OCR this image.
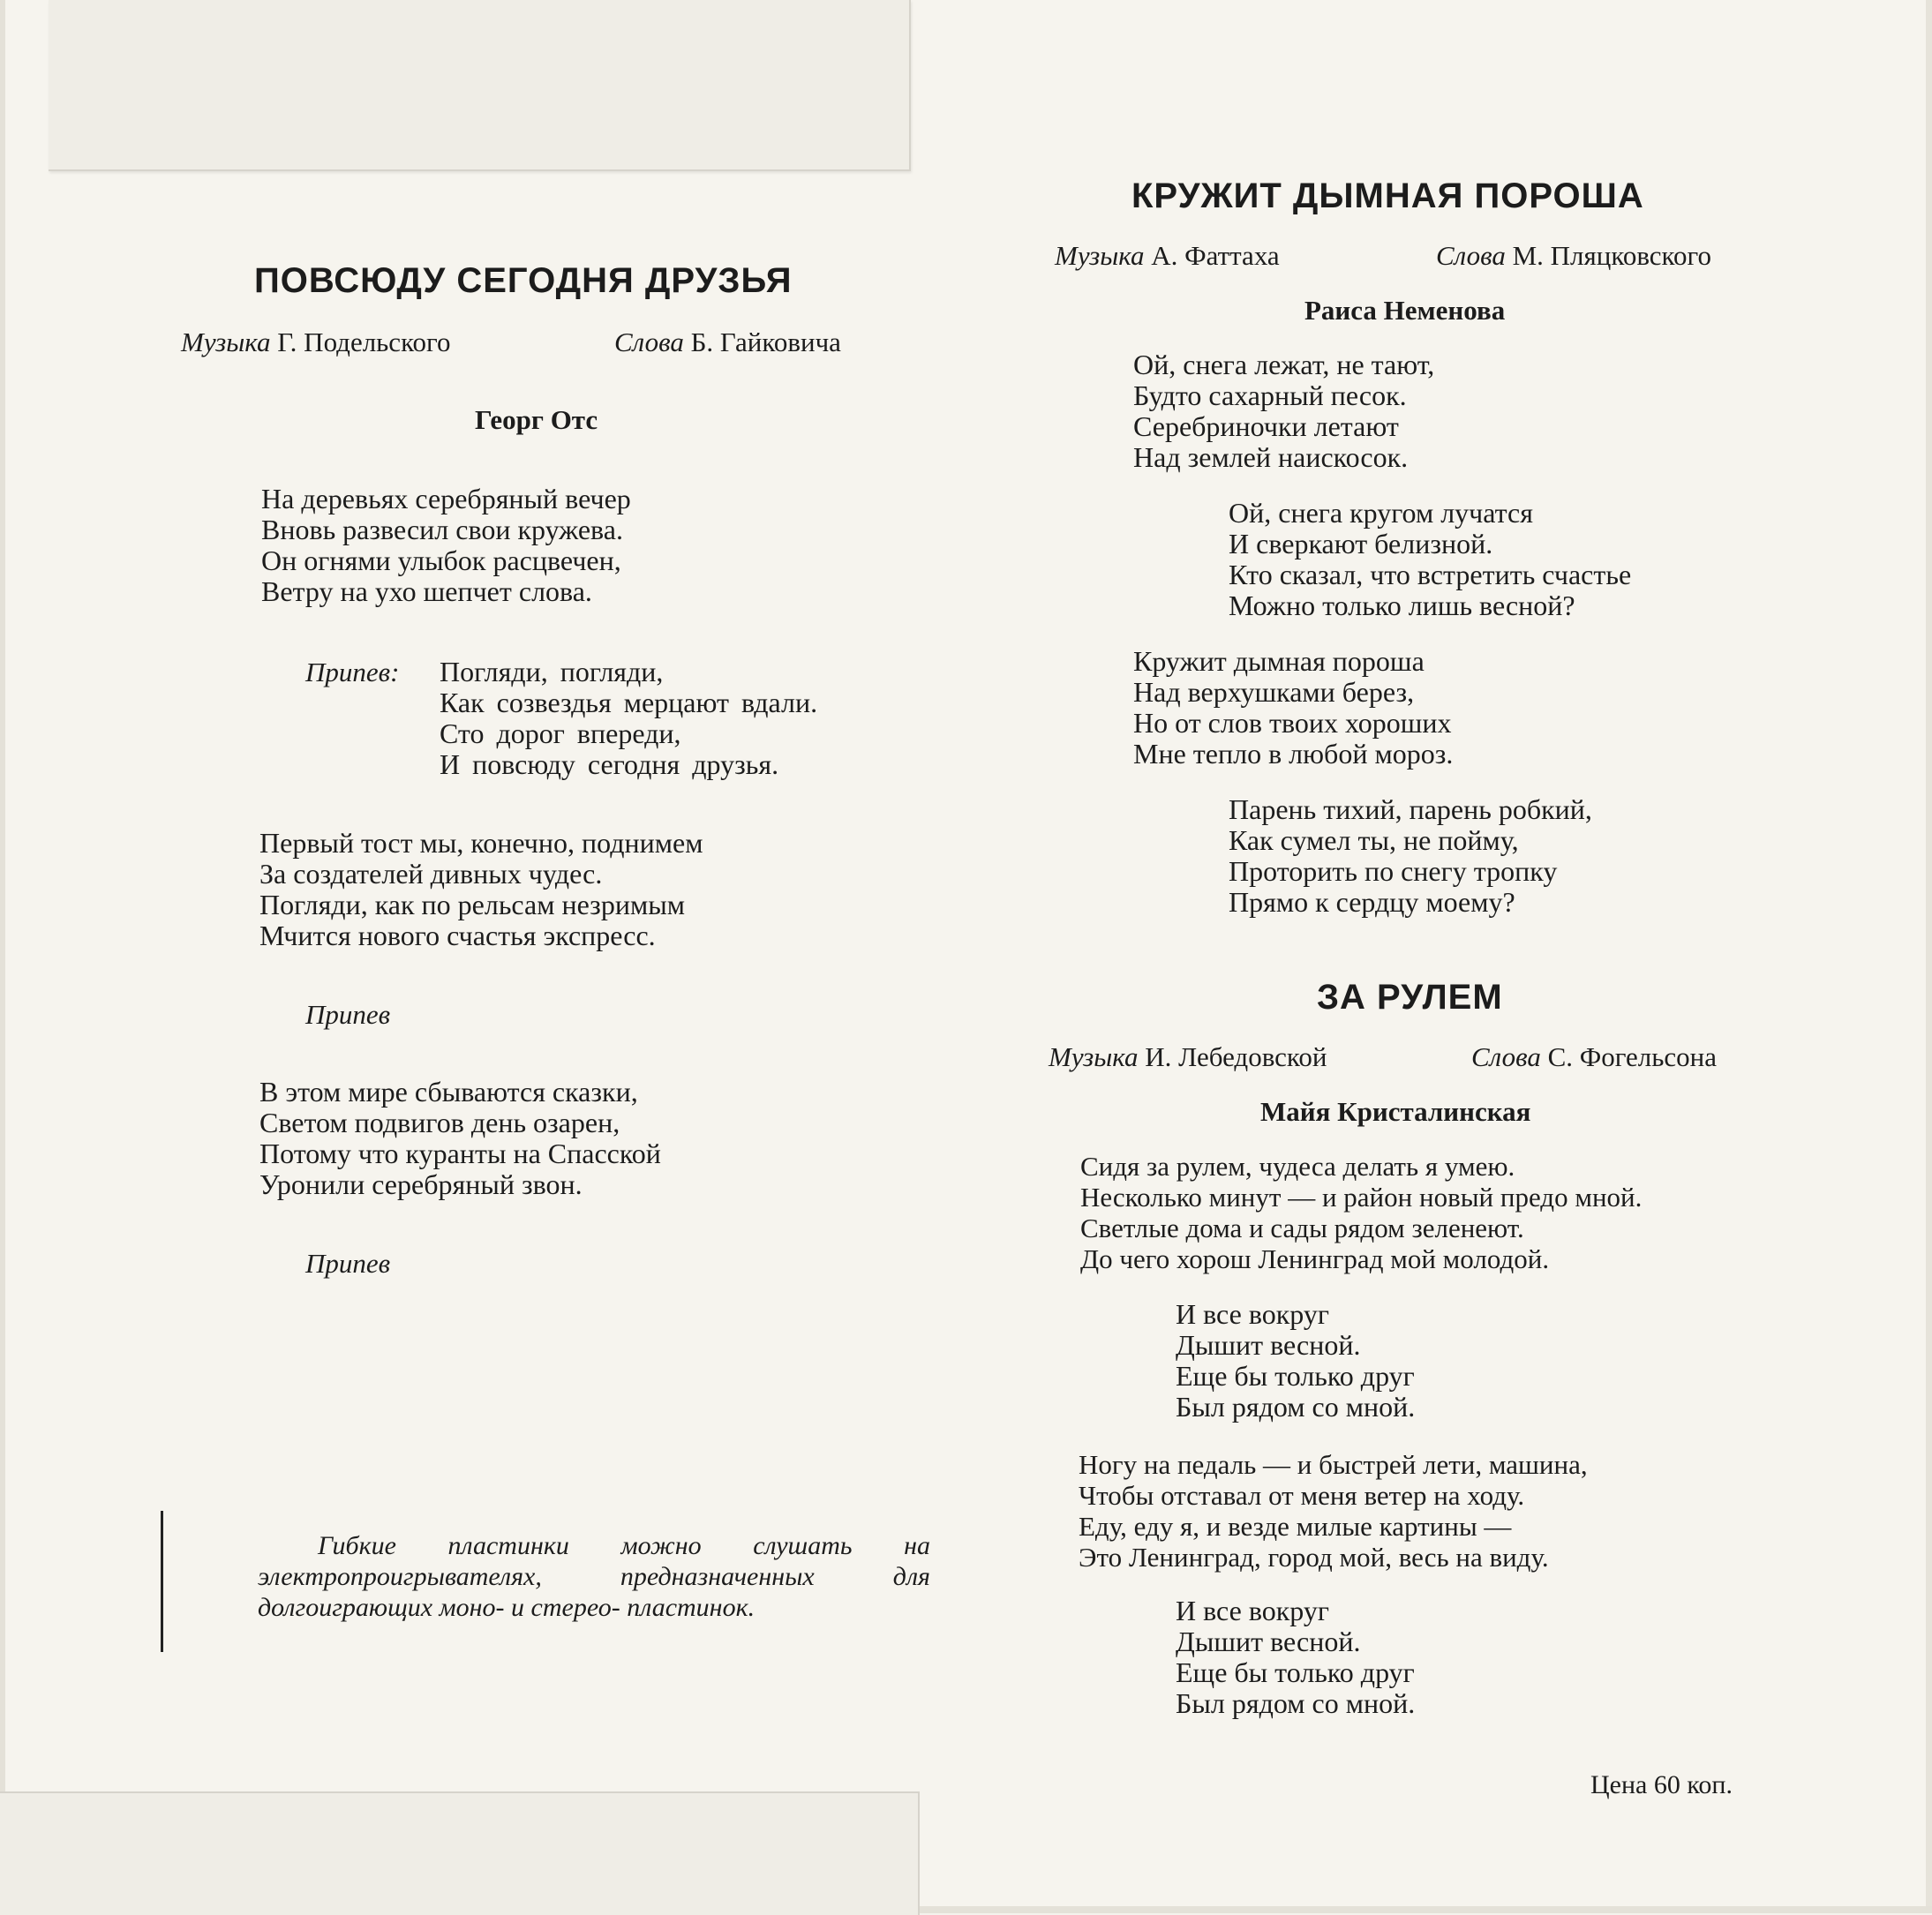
ПОВСЮДУ СЕГОДНЯ ДРУЗЬЯ
Музыка Г. Подельского	Слова Б. Гайковича
Георг Отс
На деревьях серебряный вечер
Вновь развесил свои кружева.
Он огнями улыбок расцвечен,
Ветру на ухо шепчет слова.
Припев: Погляди, погляди,
Как созвездья мерцают вдали.
Сто дорог впереди,
И повсюду сегодня друзья.
Первый тост мы, конечно, поднимем
За создателей дивных чудес.
Погляди, как по рельсам незримым
Мчится нового счастья экспресс.
Припев
В этом мире сбываются сказки,
Светом подвигов день озарен,
Потому что куранты на Спасской
Уронили серебряный звон.
Припев
Гибкие пластинки можно слушать на электропроигрывателях, предназначенных для долгоиграющих моно- и стерео- пластинок.
КРУЖИТ ДЫМНАЯ ПОРОША
Музыка А. Фаттаха	Слова М. Пляцковского
Раиса Неменова
Ой, снега лежат, не тают,
Будто сахарный песок.
Серебриночки летают
Над землей наискосок.
Ой, снега кругом лучатся
И сверкают белизной.
Кто сказал, что встретить счастье
Можно только лишь весной?
Кружит дымная пороша
Над верхушками берез,
Но от слов твоих хороших
Мне тепло в любой мороз.
Парень тихий, парень робкий,
Как сумел ты, не пойму,
Проторить по снегу тропку
Прямо к сердцу моему?
ЗА РУЛЕМ
Музыка И. Лебедовской	Слова С. Фогельсона
Майя Кристалинская
Сидя за рулем, чудеса делать я умею.
Несколько минут — и район новый предо мной.
Светлые дома и сады рядом зеленеют.
До чего хорош Ленинград мой молодой.
И все вокруг
Дышит весной.
Еще бы только друг
Был рядом со мной.
Ногу на педаль — и быстрей лети, машина,
Чтобы отставал от меня ветер на ходу.
Еду, еду я, и везде милые картины —
Это Ленинград, город мой, весь на виду.
И все вокруг
Дышит весной.
Еще бы только друг
Был рядом со мной.
Цена 60 коп.
